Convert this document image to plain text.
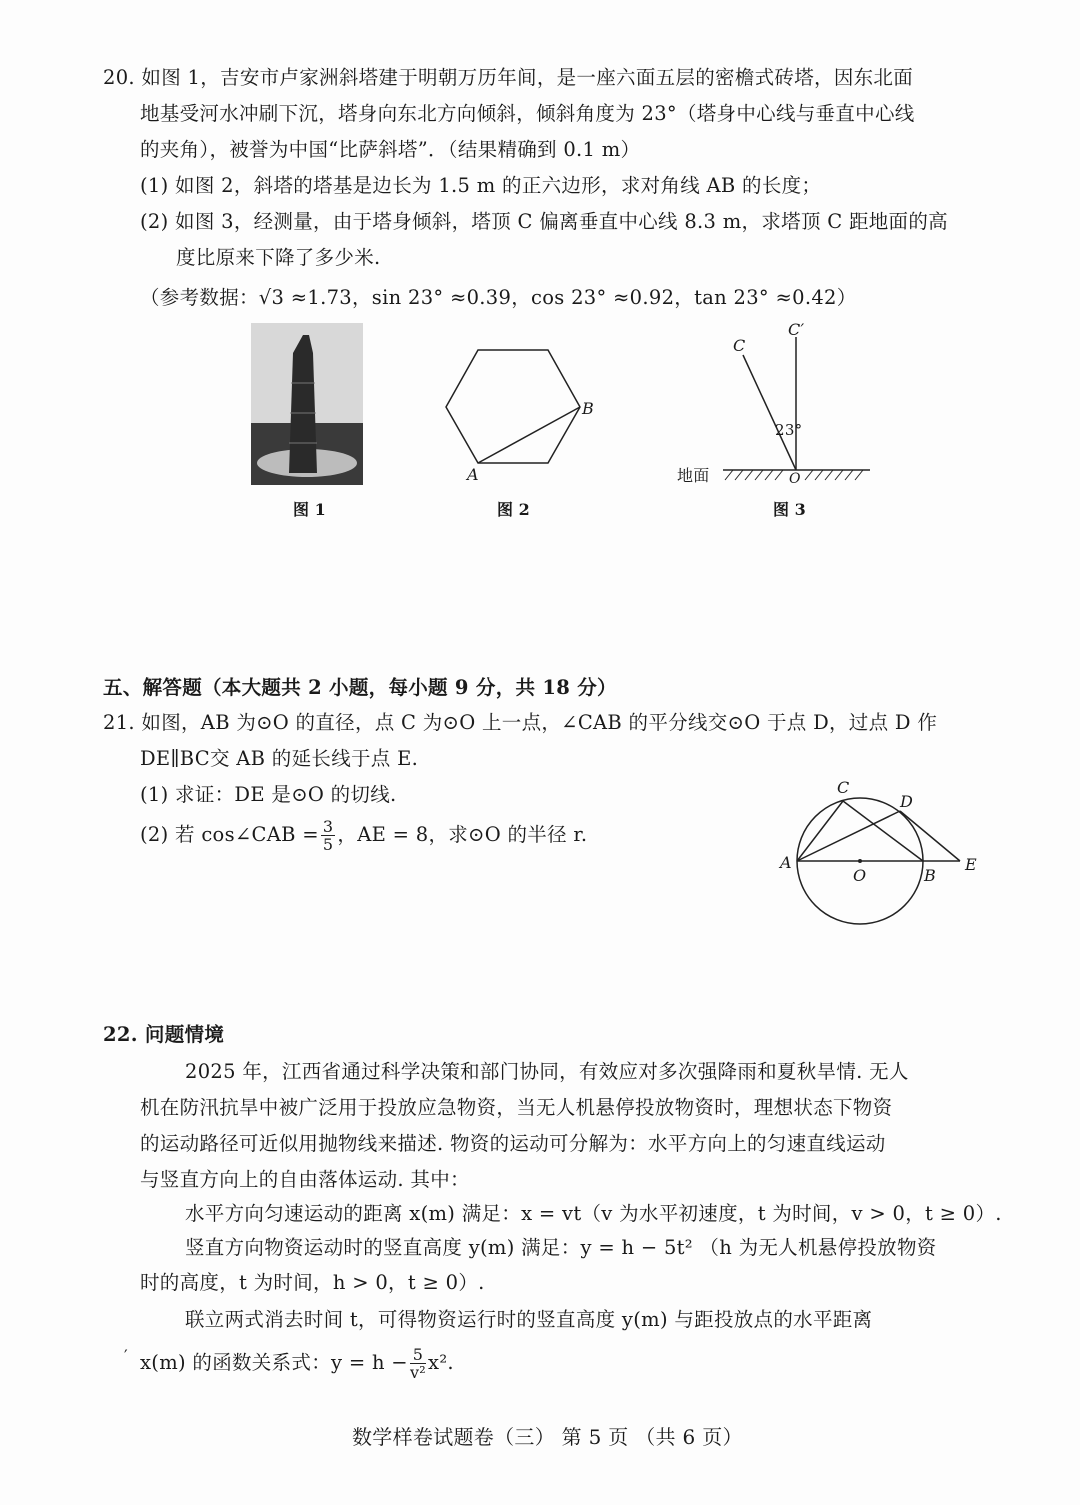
20. 如图 1，吉安市卢家洲斜塔建于明朝万历年间，是一座六面五层的密檐式砖塔，因东北面
地基受河水冲刷下沉，塔身向东北方向倾斜，倾斜角度为 23°（塔身中心线与垂直中心线
的夹角），被誉为中国“比萨斜塔”．（结果精确到 0.1 m）
(1) 如图 2，斜塔的塔基是边长为 1.5 m 的正六边形，求对角线 AB 的长度；
(2) 如图 3，经测量，由于塔身倾斜，塔顶 C 偏离垂直中心线 8.3 m，求塔顶 C 距地面的高
度比原来下降了多少米.
（参考数据：√3 ≈1.73，sin 23° ≈0.39，cos 23° ≈0.92，tan 23° ≈0.42）
图 1
A
B
图 2
C
C′
23°
地面	O
图 3
五、解答题（本大题共 2 小题，每小题 9 分，共 18 分）
21. 如图，AB 为⊙O 的直径，点 C 为⊙O 上一点，∠CAB 的平分线交⊙O 于点 D，过点 D 作
DE∥BC交 AB 的延长线于点 E.
(1) 求证：DE 是⊙O 的切线.
(2) 若 cos∠CAB = $\frac{3}{5}$ ，AE = 8，求⊙O 的半径 r.
A
B
C
D
E
O
22. 问题情境
2025 年，江西省通过科学决策和部门协同，有效应对多次强降雨和夏秋旱情. 无人
机在防汛抗旱中被广泛用于投放应急物资，当无人机悬停投放物资时，理想状态下物资
的运动路径可近似用抛物线来描述. 物资的运动可分解为：水平方向上的匀速直线运动
与竖直方向上的自由落体运动. 其中：
水平方向匀速运动的距离 x(m) 满足：x = vt（v 为水平初速度，t 为时间，v > 0，t ≥ 0）.
竖直方向物资运动时的竖直高度 y(m) 满足：y = h − 5t² （h 为无人机悬停投放物资
时的高度，t 为时间，h > 0，t ≥ 0）.
联立两式消去时间 t，可得物资运行时的竖直高度 y(m) 与距投放点的水平距离
′ x(m) 的函数关系式：$y = h - \frac{5}{\text{v²}} x^2$.
数学样卷试题卷（三） 第 5 页 （共 6 页）
